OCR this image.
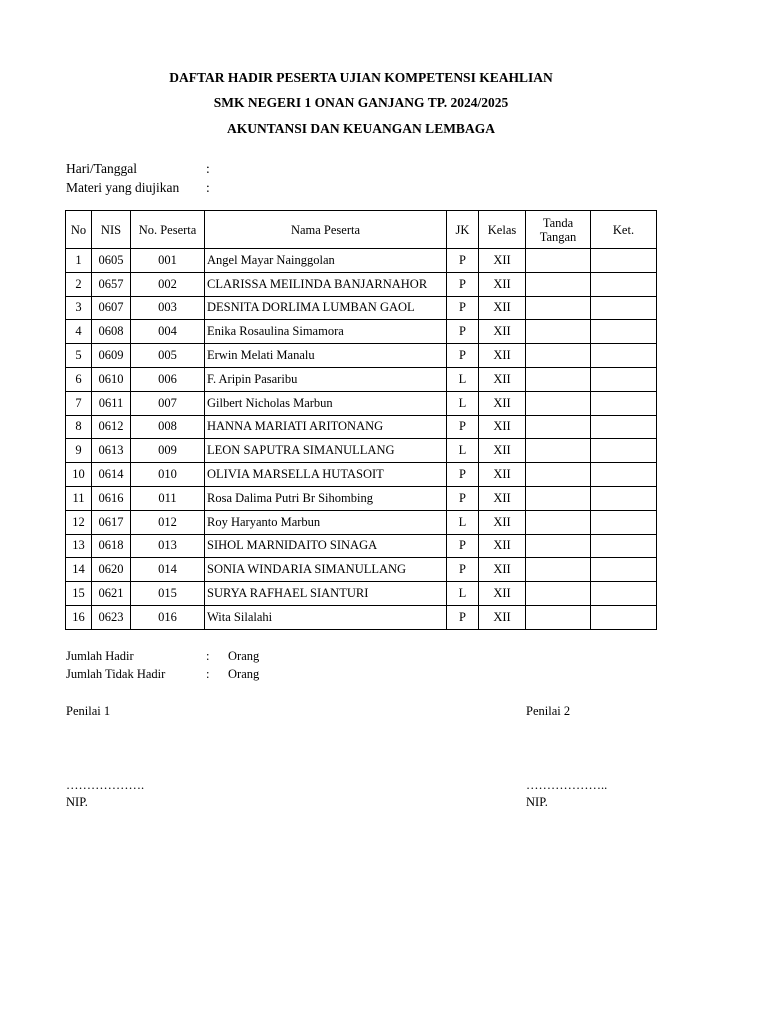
DAFTAR HADIR PESERTA UJIAN KOMPETENSI KEAHLIAN
SMK NEGERI 1 ONAN GANJANG TP. 2024/2025
AKUNTANSI DAN KEUANGAN LEMBAGA
Hari/Tanggal	:
Materi yang diujikan :
No	NIS	No. Peserta	Nama Peserta	JK	Kelas	Tanda Tangan	Ket.
1	0605	001	Angel Mayar Nainggolan	P	XII		
2	0657	002	CLARISSA MEILINDA BANJARNAHOR	P	XII		
3	0607	003	DESNITA DORLIMA LUMBAN GAOL	P	XII		
4	0608	004	Enika Rosaulina Simamora	P	XII		
5	0609	005	Erwin Melati Manalu	P	XII		
6	0610	006	F. Aripin Pasaribu	L	XII		
7	0611	007	Gilbert Nicholas Marbun	L	XII		
8	0612	008	HANNA MARIATI ARITONANG	P	XII		
9	0613	009	LEON SAPUTRA SIMANULLANG	L	XII		
10	0614	010	OLIVIA MARSELLA HUTASOIT	P	XII		
11	0616	011	Rosa Dalima Putri Br Sihombing	P	XII		
12	0617	012	Roy Haryanto Marbun	L	XII		
13	0618	013	SIHOL MARNIDAITO SINAGA	P	XII		
14	0620	014	SONIA WINDARIA SIMANULLANG	P	XII		
15	0621	015	SURYA RAFHAEL SIANTURI	L	XII		
16	0623	016	Wita Silalahi	P	XII		
Jumlah Hadir	: Orang
Jumlah Tidak Hadir	: Orang
Penilai 1	Penilai 2
……………….	………………..
NIP.	NIP.
